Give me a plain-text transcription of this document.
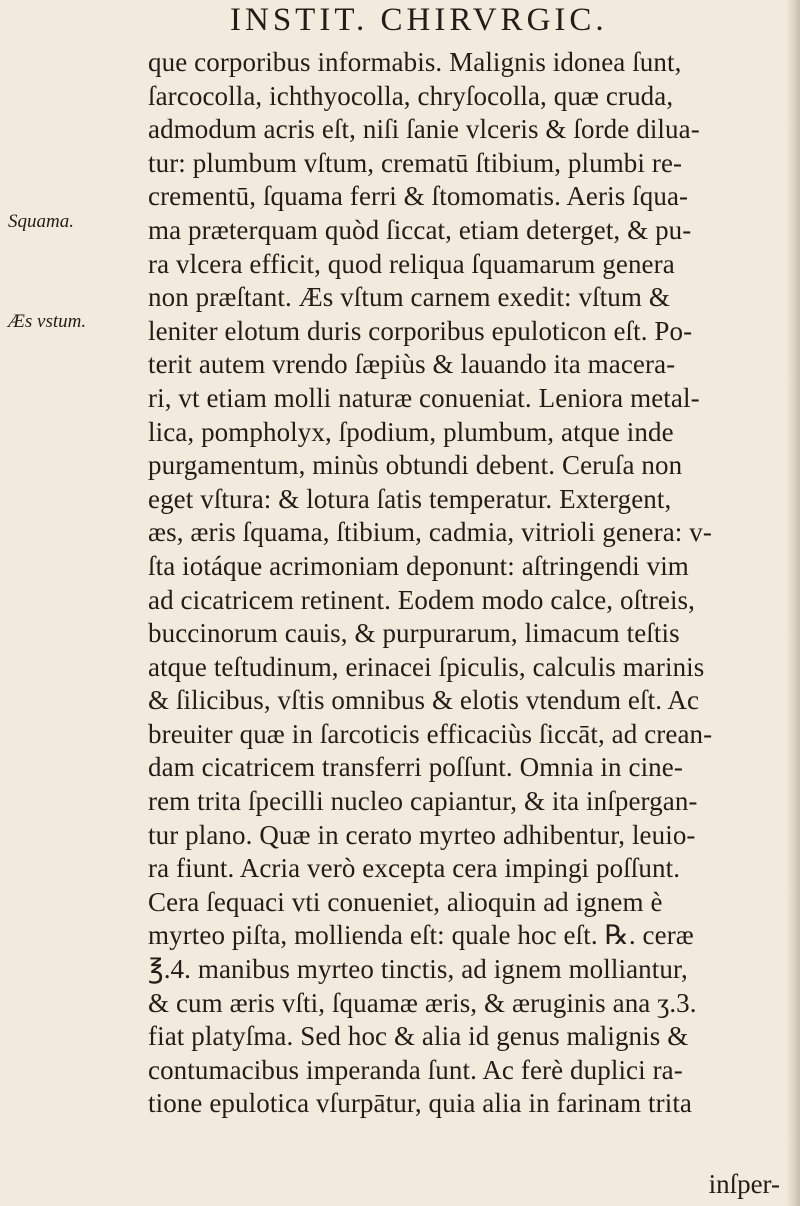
INSTIT. CHIRVRGIC.
Squama.
Æs vstum.
que corporibus informabis. Malignis idonea ſunt,
ſarcocolla, ichthyocolla, chryſocolla, quæ cruda,
admodum acris eſt, niſi ſanie vlceris & ſorde dilua-
tur: plumbum vſtum, crematū ſtibium, plumbi re-
crementū, ſquama ferri & ſtomomatis. Aeris ſqua-
ma præterquam quòd ſiccat, etiam deterget, & pu-
ra vlcera efficit, quod reliqua ſquamarum genera
non præſtant. Æs vſtum carnem exedit: vſtum &
leniter elotum duris corporibus epuloticon eſt. Po-
terit autem vrendo ſæpiùs & lauando ita macera-
ri, vt etiam molli naturæ conueniat. Leniora metal-
lica, pompholyx, ſpodium, plumbum, atque inde
purgamentum, minùs obtundi debent. Ceruſa non
eget vſtura: & lotura ſatis temperatur. Extergent,
æs, æris ſquama, ſtibium, cadmia, vitrioli genera: v-
ſta iotáque acrimoniam deponunt: aſtringendi vim
ad cicatricem retinent. Eodem modo calce, oſtreis,
buccinorum cauis, & purpurarum, limacum teſtis
atque teſtudinum, erinacei ſpiculis, calculis marinis
& ſilicibus, vſtis omnibus & elotis vtendum eſt. Ac
breuiter quæ in ſarcoticis efficaciùs ſiccāt, ad crean-
dam cicatricem transferri poſſunt. Omnia in cine-
rem trita ſpecilli nucleo capiantur, & ita inſpergan-
tur plano. Quæ in cerato myrteo adhibentur, leuio-
ra fiunt. Acria verò excepta cera impingi poſſunt.
Cera ſequaci vti conueniet, alioquin ad ignem è
myrteo piſta, mollienda eſt: quale hoc eſt. ℞. ceræ
℥.4. manibus myrteo tinctis, ad ignem molliantur,
& cum æris vſti, ſquamæ æris, & æruginis ana ʒ.3.
fiat platyſma. Sed hoc & alia id genus malignis &
contumacibus imperanda ſunt. Ac ferè duplici ra-
tione epulotica vſurpātur, quia alia in farinam trita
inſper-
